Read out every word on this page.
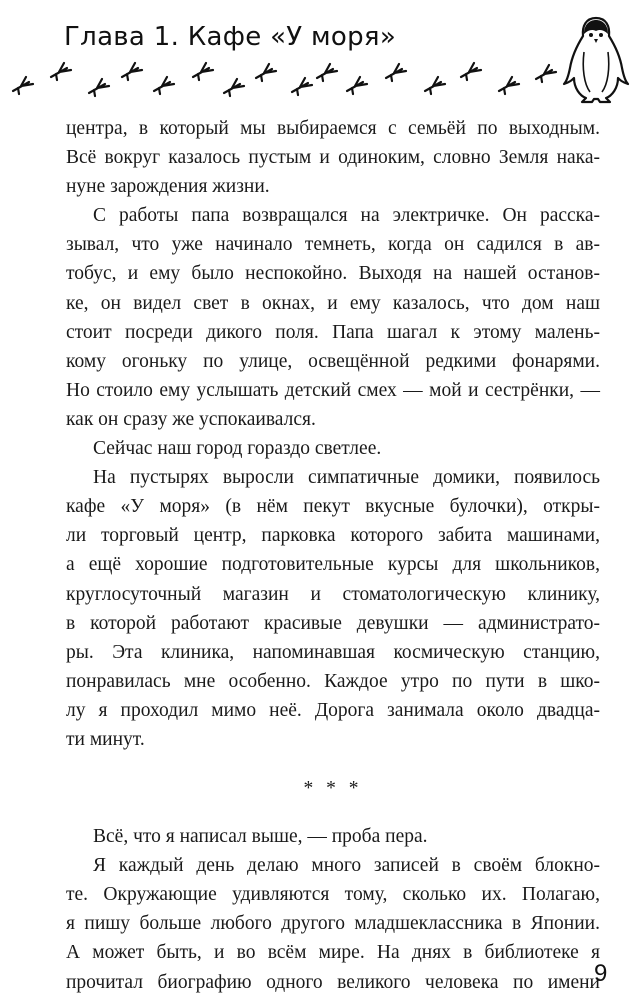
Глава 1. Кафе «У моря»
центра, в который мы выбираемся с семьёй по выходным.
Всё вокруг казалось пустым и одиноким, словно Земля нака-
нуне зарождения жизни.
С работы папа возвращался на электричке. Он расска-
зывал, что уже начинало темнеть, когда он садился в ав-
тобус, и ему было неспокойно. Выходя на нашей останов-
ке, он видел свет в окнах, и ему казалось, что дом наш
стоит посреди дикого поля. Папа шагал к этому малень-
кому огоньку по улице, освещённой редкими фонарями.
Но стоило ему услышать детский смех — мой и сестрёнки, —
как он сразу же успокаивался.
Сейчас наш город гораздо светлее.
На пустырях выросли симпатичные домики, появилось
кафе «У моря» (в нём пекут вкусные булочки), откры-
ли торговый центр, парковка которого забита машинами,
а ещё хорошие подготовительные курсы для школьников,
круглосуточный магазин и стоматологическую клинику,
в которой работают красивые девушки — администрато-
ры. Эта клиника, напоминавшая космическую станцию,
понравилась мне особенно. Каждое утро по пути в шко-
лу я проходил мимо неё. Дорога занимала около двадца-
ти минут.
* * *
Всё, что я написал выше, — проба пера.
Я каждый день делаю много записей в своём блокно-
те. Окружающие удивляются тому, сколько их. Полагаю,
я пишу больше любого другого младшеклассника в Японии.
А может быть, и во всём мире. На днях в библиотеке я
прочитал биографию одного великого человека по имени
9
